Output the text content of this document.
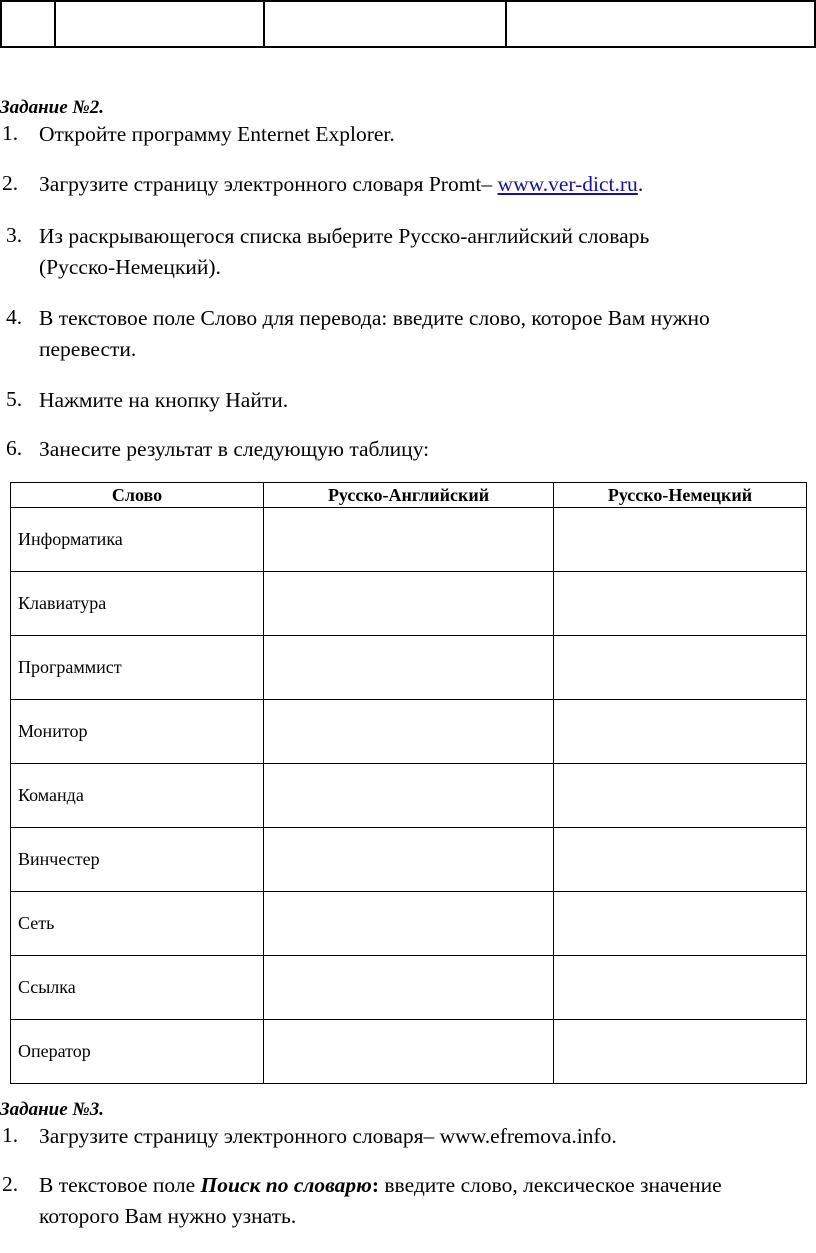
Задание №2.
1. Откройте программу Enternet Explorer.
2. Загрузите страницу электронного словаря Promt– www.ver-dict.ru.
3. Из раскрывающегося списка выберите Русско-английский словарь
(Русско-Немецкий).
4. В текстовое поле Слово для перевода: введите слово, которое Вам нужно
перевести.
5. Нажмите на кнопку Найти.
6. Занесите результат в следующую таблицу:
Слово	Русско-Английский	Русско-Немецкий
Информатика		
Клавиатура		
Программист		
Монитор		
Команда		
Винчестер		
Сеть		
Ссылка		
Оператор		
Задание №3.
1. Загрузите страницу электронного словаря– www.efremova.info.
2. В текстовое поле Поиск по словарю: введите слово, лексическое значение
которого Вам нужно узнать.
